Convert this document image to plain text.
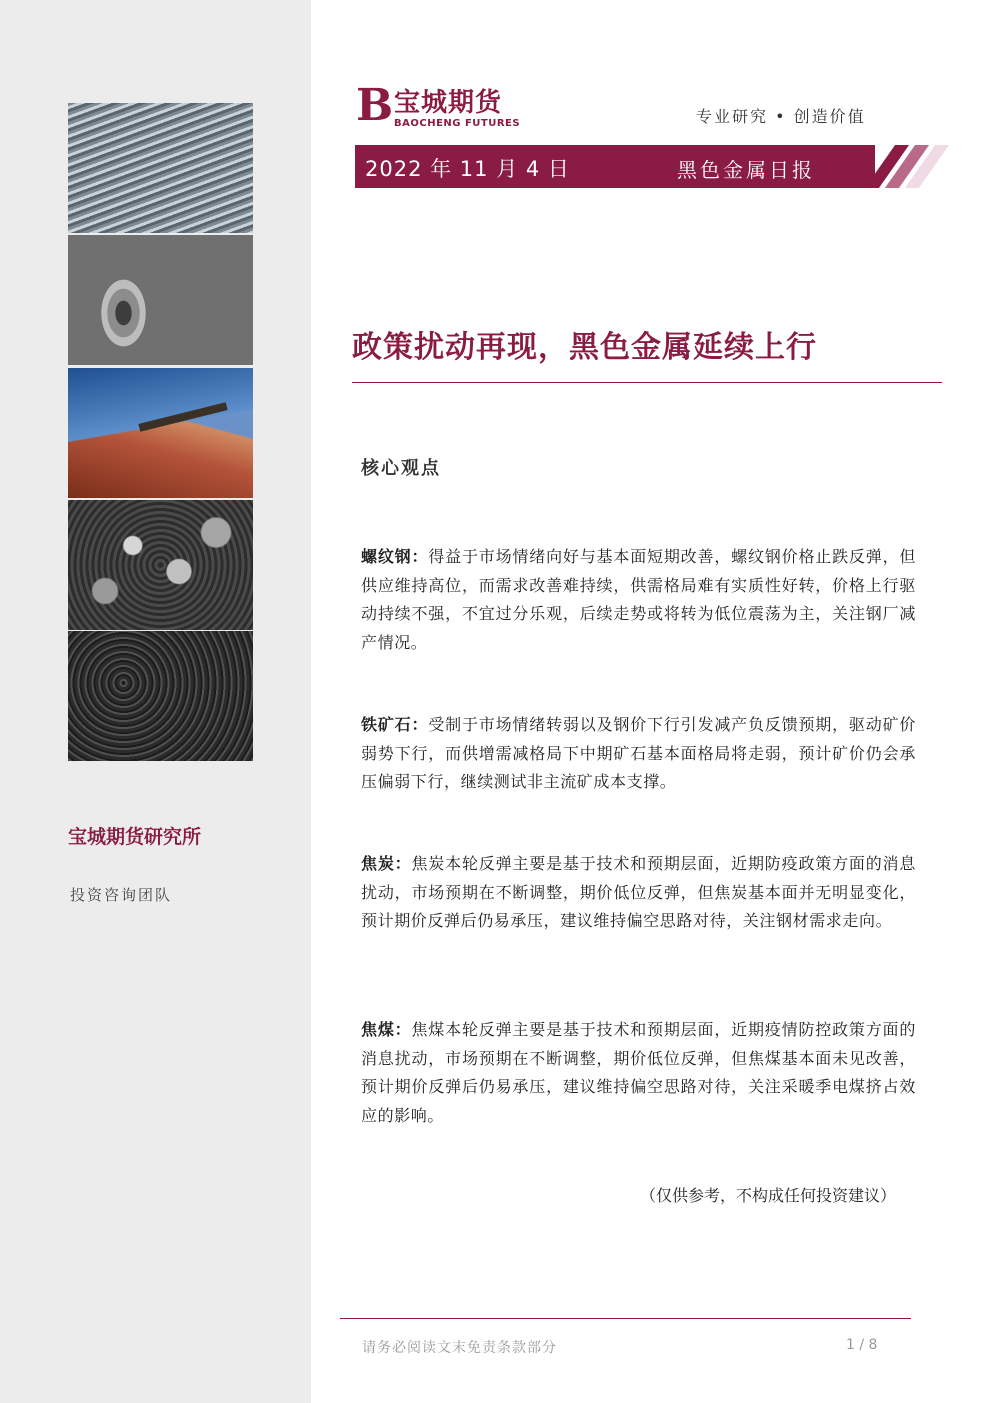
宝城期货研究所

投资咨询团队

B 宝城期货
BAOCHENG FUTURES	专业研究 • 创造价值
2022 年 11 月 4 日	黑色金属日报
政策扰动再现，黑色金属延续上行
核心观点

螺纹钢：得益于市场情绪向好与基本面短期改善，螺纹钢价格止跌反弹，但供应维持高位，而需求改善难持续，供需格局难有实质性好转，价格上行驱动持续不强，不宜过分乐观，后续走势或将转为低位震荡为主，关注钢厂减产情况。

铁矿石：受制于市场情绪转弱以及钢价下行引发减产负反馈预期，驱动矿价弱势下行，而供增需减格局下中期矿石基本面格局将走弱，预计矿价仍会承压偏弱下行，继续测试非主流矿成本支撑。

焦炭：焦炭本轮反弹主要是基于技术和预期层面，近期防疫政策方面的消息扰动，市场预期在不断调整，期价低位反弹，但焦炭基本面并无明显变化，预计期价反弹后仍易承压，建议维持偏空思路对待，关注钢材需求走向。

焦煤：焦煤本轮反弹主要是基于技术和预期层面，近期疫情防控政策方面的消息扰动，市场预期在不断调整，期价低位反弹，但焦煤基本面未见改善，预计期价反弹后仍易承压，建议维持偏空思路对待，关注采暖季电煤挤占效应的影响。

（仅供参考，不构成任何投资建议）

请务必阅读文末免责条款部分	1 / 8
